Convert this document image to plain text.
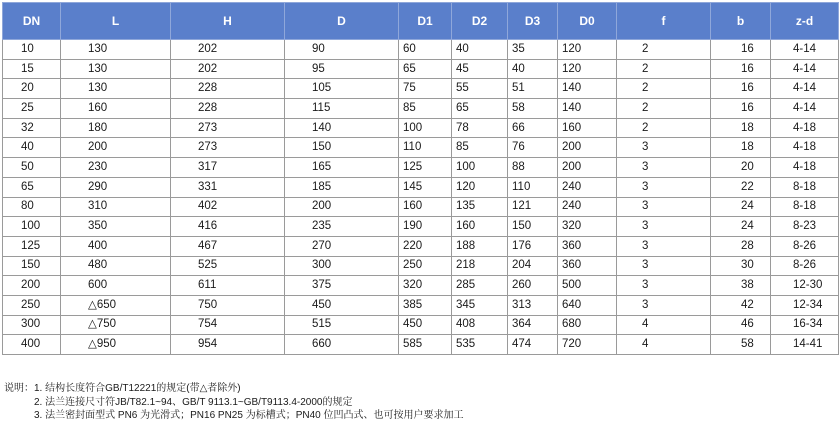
DN	L	H	D	D1	D2	D3	D0	f	b	z-d
10	130	202	90	60	40	35	120	2	16	4-14
15	130	202	95	65	45	40	120	2	16	4-14
20	130	228	105	75	55	51	140	2	16	4-14
25	160	228	115	85	65	58	140	2	16	4-14
32	180	273	140	100	78	66	160	2	18	4-18
40	200	273	150	110	85	76	200	3	18	4-18
50	230	317	165	125	100	88	200	3	20	4-18
65	290	331	185	145	120	110	240	3	22	8-18
80	310	402	200	160	135	121	240	3	24	8-18
100	350	416	235	190	160	150	320	3	24	8-23
125	400	467	270	220	188	176	360	3	28	8-26
150	480	525	300	250	218	204	360	3	30	8-26
200	600	611	375	320	285	260	500	3	38	12-30
250	△650	750	450	385	345	313	640	3	42	12-34
300	△750	754	515	450	408	364	680	4	46	16-34
400	△950	954	660	585	535	474	720	4	58	14-41
说明：1. 结构长度符合GB/T12221的规定(带△者除外)
2. 法兰连接尺寸符JB/T82.1~94、GB/T 9113.1~GB/T9113.4-2000的规定
3. 法兰密封面型式 PN6 为光滑式；PN16 PN25 为标槽式；PN40 位凹凸式、也可按用户要求加工
